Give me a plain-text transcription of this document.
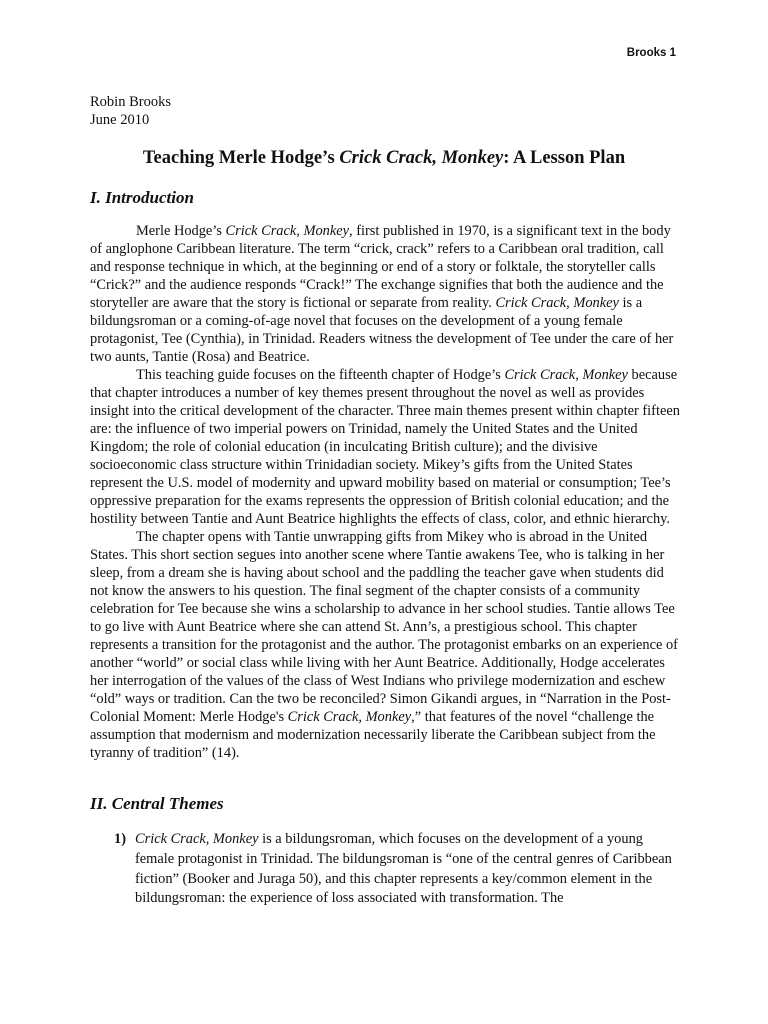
Brooks 1
Robin Brooks
June 2010
Teaching Merle Hodge’s Crick Crack, Monkey: A Lesson Plan
I. Introduction

Merle Hodge’s Crick Crack, Monkey, first published in 1970, is a significant text in the body of anglophone Caribbean literature. The term “crick, crack” refers to a Caribbean oral tradition, call and response technique in which, at the beginning or end of a story or folktale, the storyteller calls “Crick?” and the audience responds “Crack!” The exchange signifies that both the audience and the storyteller are aware that the story is fictional or separate from reality. Crick Crack, Monkey is a bildungsroman or a coming-of-age novel that focuses on the development of a young female protagonist, Tee (Cynthia), in Trinidad. Readers witness the development of Tee under the care of her two aunts, Tantie (Rosa) and Beatrice.

This teaching guide focuses on the fifteenth chapter of Hodge’s Crick Crack, Monkey because that chapter introduces a number of key themes present throughout the novel as well as provides insight into the critical development of the character. Three main themes present within chapter fifteen are: the influence of two imperial powers on Trinidad, namely the United States and the United Kingdom; the role of colonial education (in inculcating British culture); and the divisive socioeconomic class structure within Trinidadian society. Mikey’s gifts from the United States represent the U.S. model of modernity and upward mobility based on material or consumption; Tee’s oppressive preparation for the exams represents the oppression of British colonial education; and the hostility between Tantie and Aunt Beatrice highlights the effects of class, color, and ethnic hierarchy.

The chapter opens with Tantie unwrapping gifts from Mikey who is abroad in the United States. This short section segues into another scene where Tantie awakens Tee, who is talking in her sleep, from a dream she is having about school and the paddling the teacher gave when students did not know the answers to his question. The final segment of the chapter consists of a community celebration for Tee because she wins a scholarship to advance in her school studies. Tantie allows Tee to go live with Aunt Beatrice where she can attend St. Ann’s, a prestigious school. This chapter represents a transition for the protagonist and the author. The protagonist embarks on an experience of another “world” or social class while living with her Aunt Beatrice. Additionally, Hodge accelerates her interrogation of the values of the class of West Indians who privilege modernization and eschew “old” ways or tradition. Can the two be reconciled? Simon Gikandi argues, in “Narration in the Post-Colonial Moment: Merle Hodge's Crick Crack, Monkey,” that features of the novel “challenge the assumption that modernism and modernization necessarily liberate the Caribbean subject from the tyranny of tradition” (14).

II. Central Themes
1) Crick Crack, Monkey is a bildungsroman, which focuses on the development of a young female protagonist in Trinidad. The bildungsroman is “one of the central genres of Caribbean fiction” (Booker and Juraga 50), and this chapter represents a key/common element in the bildungsroman: the experience of loss associated with transformation. The
